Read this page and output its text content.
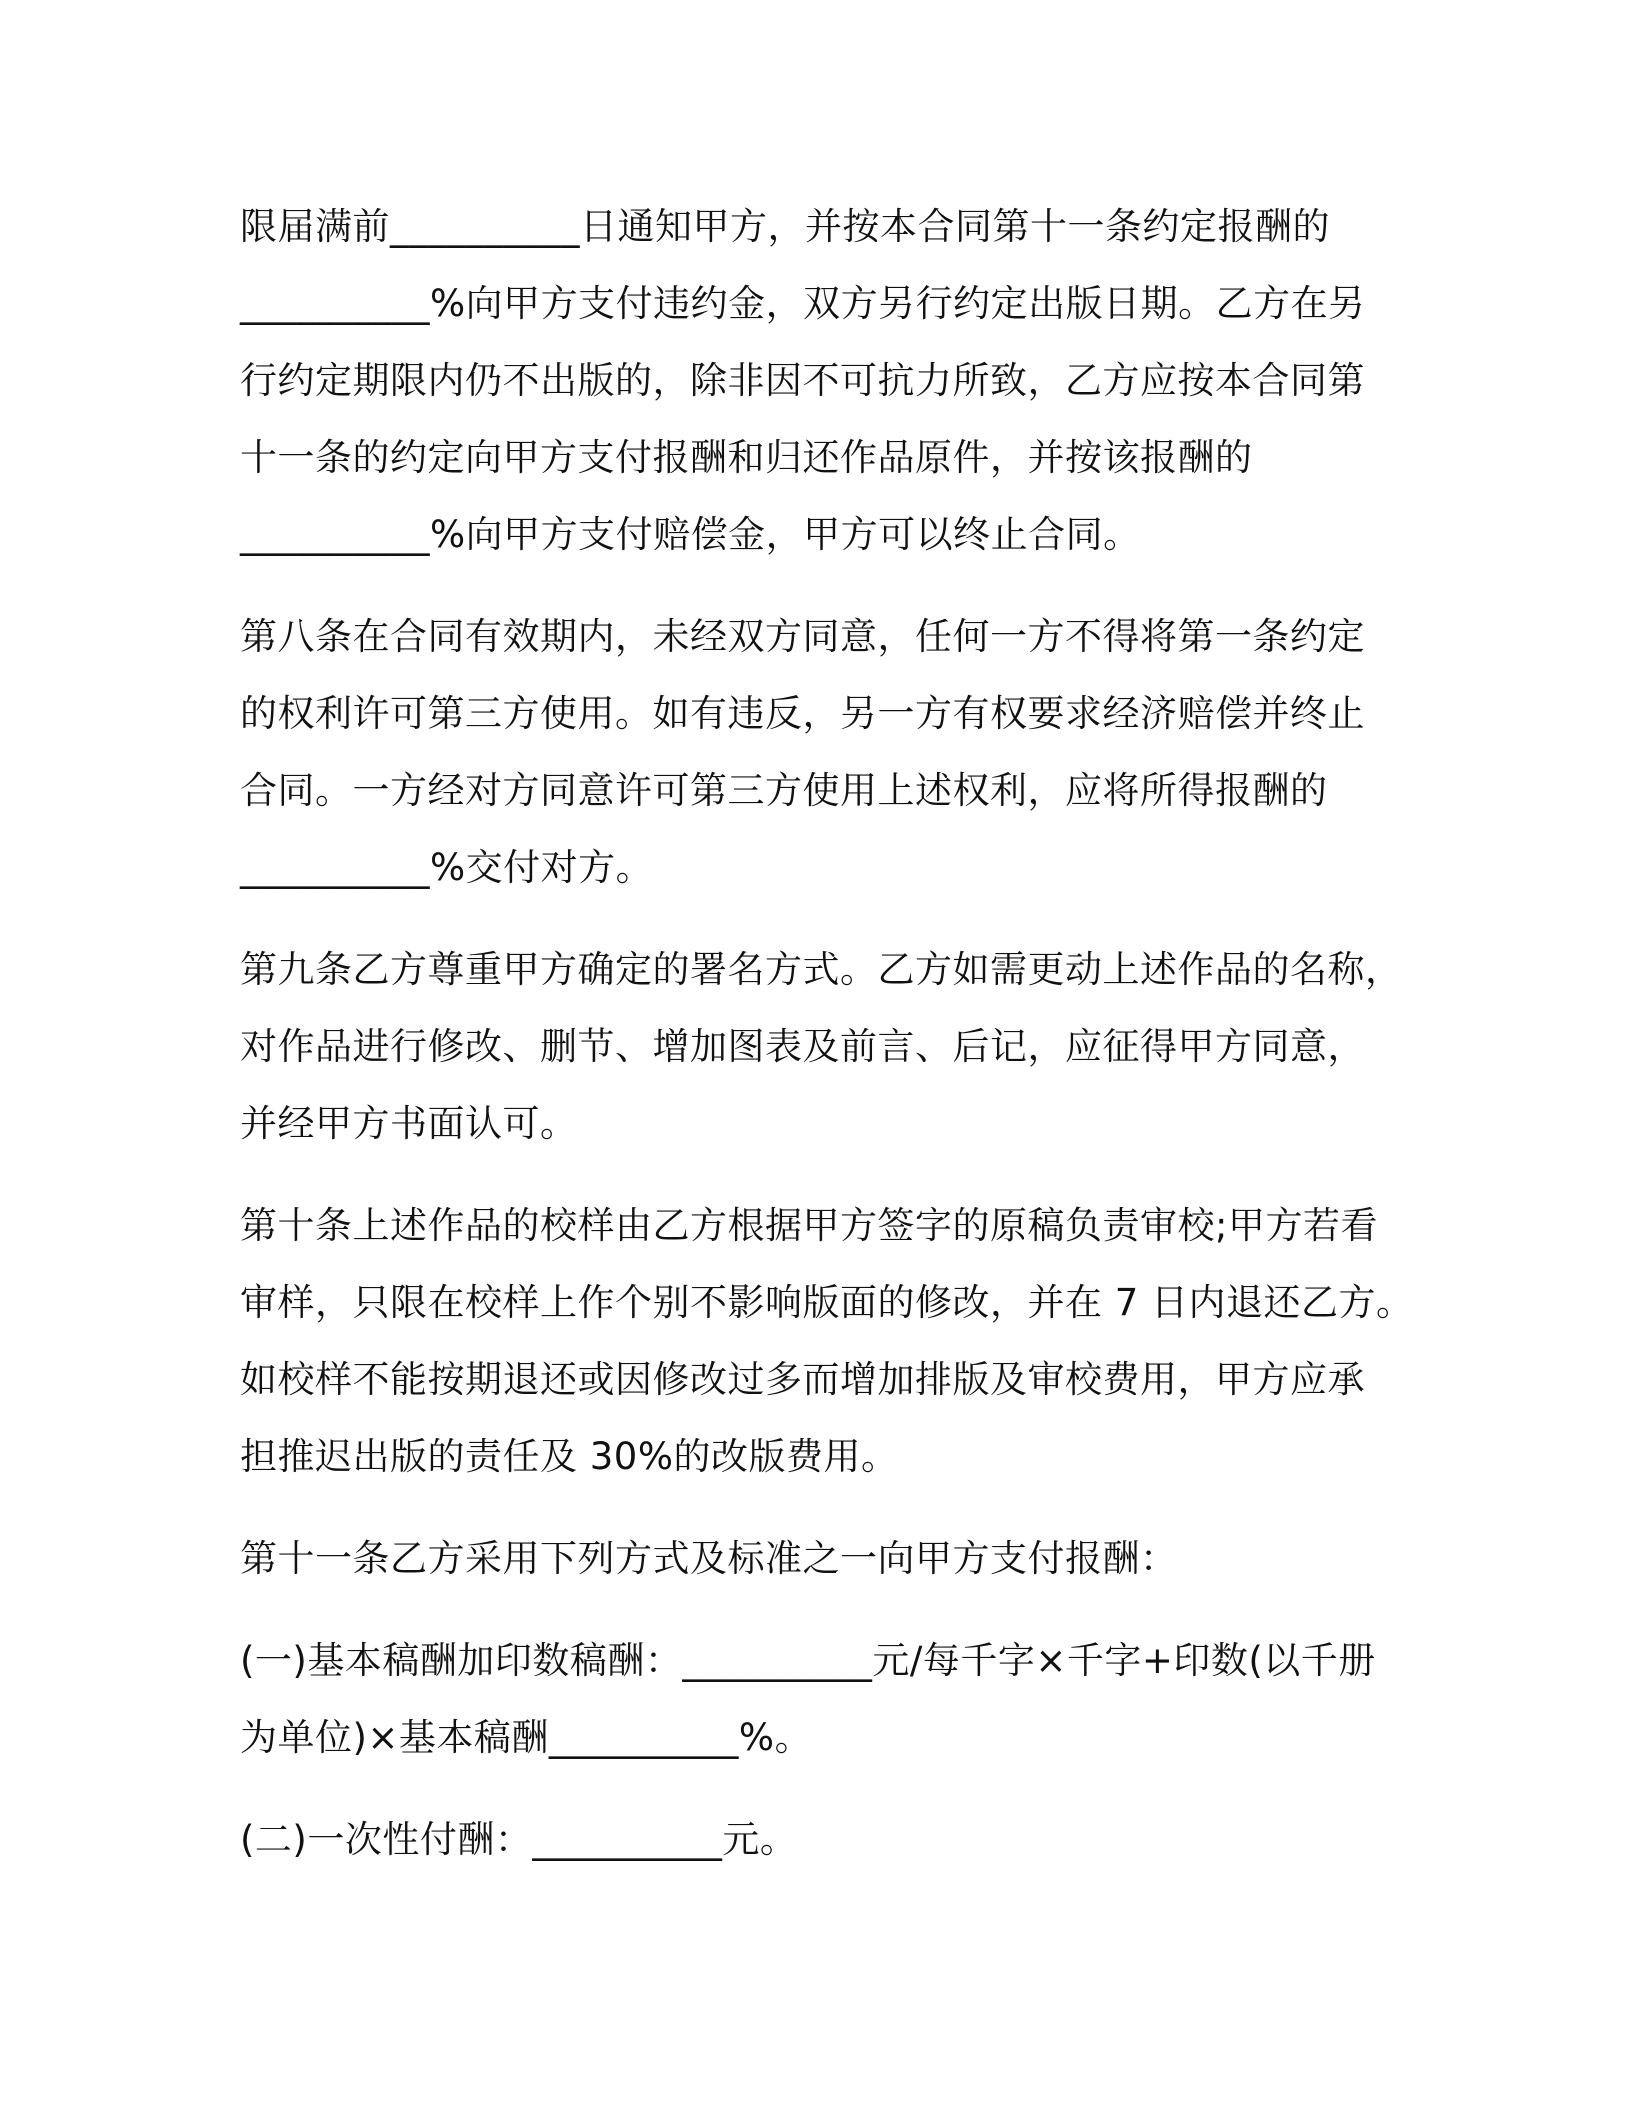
限届满前__________日通知甲方，并按本合同第十一条约定报酬的
__________%向甲方支付违约金，双方另行约定出版日期。乙方在另
行约定期限内仍不出版的，除非因不可抗力所致，乙方应按本合同第
十一条的约定向甲方支付报酬和归还作品原件，并按该报酬的
__________%向甲方支付赔偿金，甲方可以终止合同。
第八条在合同有效期内，未经双方同意，任何一方不得将第一条约定
的权利许可第三方使用。如有违反，另一方有权要求经济赔偿并终止
合同。一方经对方同意许可第三方使用上述权利，应将所得报酬的
__________%交付对方。
第九条乙方尊重甲方确定的署名方式。乙方如需更动上述作品的名称，
对作品进行修改、删节、增加图表及前言、后记，应征得甲方同意，
并经甲方书面认可。
第十条上述作品的校样由乙方根据甲方签字的原稿负责审校;甲方若看
审样，只限在校样上作个别不影响版面的修改，并在 7 日内退还乙方。
如校样不能按期退还或因修改过多而增加排版及审校费用，甲方应承
担推迟出版的责任及 30%的改版费用。
第十一条乙方采用下列方式及标准之一向甲方支付报酬：
(一)基本稿酬加印数稿酬：__________元/每千字×千字+印数(以千册
为单位)×基本稿酬__________%。
(二)一次性付酬：__________元。
